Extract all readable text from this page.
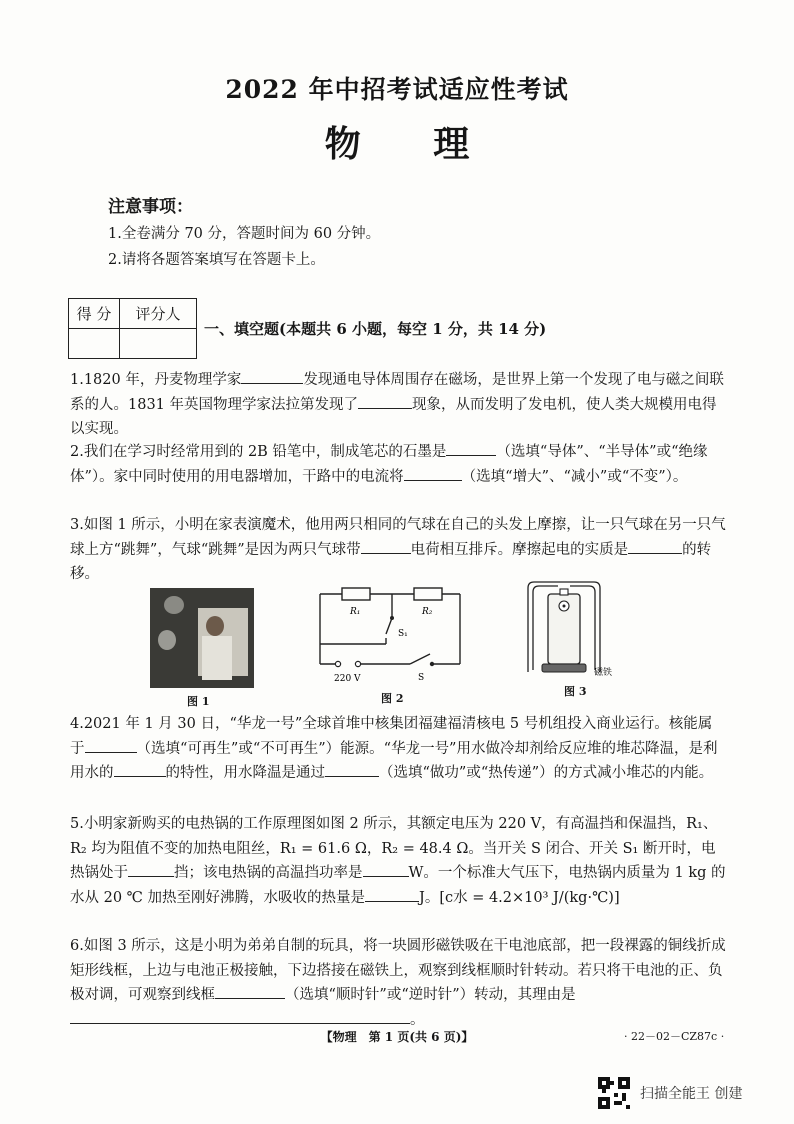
2022 年中招考试适应性考试
物 理
注意事项：
1.全卷满分 70 分，答题时间为 60 分钟。
2.请将各题答案填写在答题卡上。
得 分	评分人

一、填空题(本题共 6 小题，每空 1 分，共 14 分)
1.1820 年，丹麦物理学家	发现通电导体周围存在磁场，是世界上第一个发现了电与磁之间联系的人。1831 年英国物理学家法拉第发现了	现象，从而发明了发电机，使人类大规模用电得以实现。
2.我们在学习时经常用到的 2B 铅笔中，制成笔芯的石墨是	（选填“导体”、“半导体”或“绝缘体”）。家中同时使用的用电器增加，干路中的电流将	（选填“增大”、“减小”或“不变”）。
3.如图 1 所示，小明在家表演魔术，他用两只相同的气球在自己的头发上摩擦，让一只气球在另一只气球上方“跳舞”，气球“跳舞”是因为两只气球带	电荷相互排斥。摩擦起电的实质是	的转移。
图 1
R₁	R₂
S₁
S
220 V
图 2
磁铁
图 3
4.2021 年 1 月 30 日，“华龙一号”全球首堆中核集团福建福清核电 5 号机组投入商业运行。核能属于	（选填“可再生”或“不可再生”）能源。“华龙一号”用水做冷却剂给反应堆的堆芯降温，是利用水的	的特性，用水降温是通过	（选填“做功”或“热传递”）的方式减小堆芯的内能。
5.小明家新购买的电热锅的工作原理图如图 2 所示，其额定电压为 220 V，有高温挡和保温挡，R₁、R₂ 均为阻值不变的加热电阻丝，R₁ = 61.6 Ω，R₂ = 48.4 Ω。当开关 S 闭合、开关 S₁ 断开时，电热锅处于	挡；该电热锅的高温挡功率是	W。一个标准大气压下，电热锅内质量为 1 kg 的水从 20 ℃ 加热至刚好沸腾，水吸收的热量是	J。[c水 = 4.2×10³ J/(kg·℃)]
6.如图 3 所示，这是小明为弟弟自制的玩具，将一块圆形磁铁吸在干电池底部，把一段裸露的铜线折成矩形线框，上边与电池正极接触，下边搭接在磁铁上，观察到线框顺时针转动。若只将干电池的正、负极对调，可观察到线框	（选填“顺时针”或“逆时针”）转动，其理由是。
【物理　第 1 页(共 6 页)】	· 22－02－CZ87c ·
扫描全能王 创建
